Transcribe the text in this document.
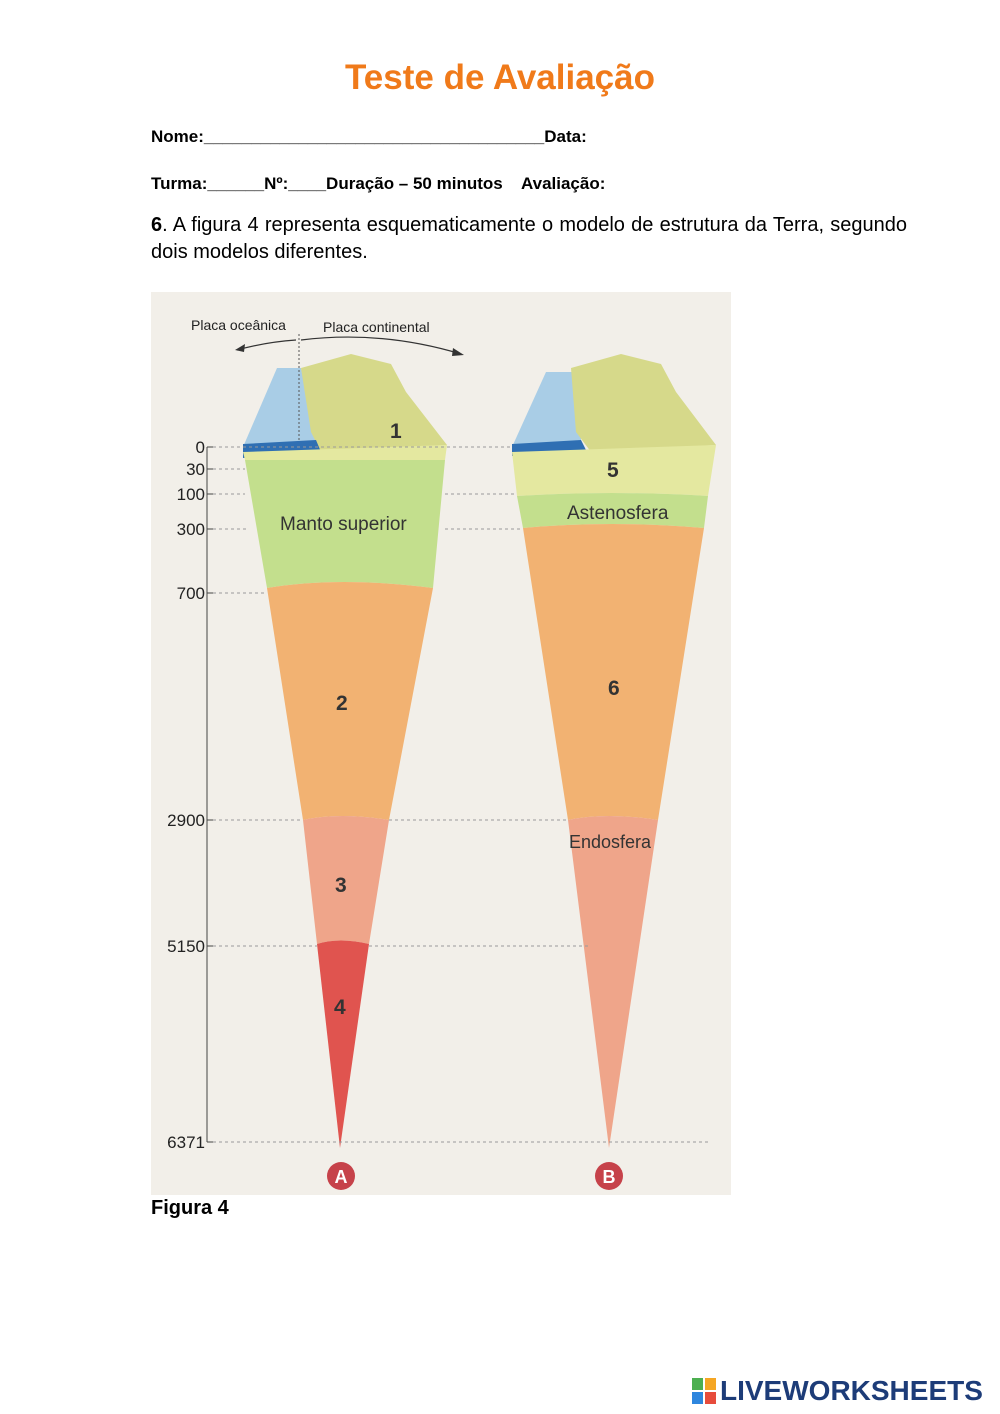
Teste de Avaliação
Nome:____________________________________Data:
Turma:______Nº:____Duração – 50 minutos    Avaliação:
6. A figura 4 representa esquematicamente o modelo de estrutura da Terra, segundo dois modelos diferentes.
0
30
100
300
700
2900
5150
6371
Placa oceânica	Placa continental
1
Manto superior
2
3
4
5
Astenosfera
6
Endosfera
A	B
Figura 4
LIVEWORKSHEETS
